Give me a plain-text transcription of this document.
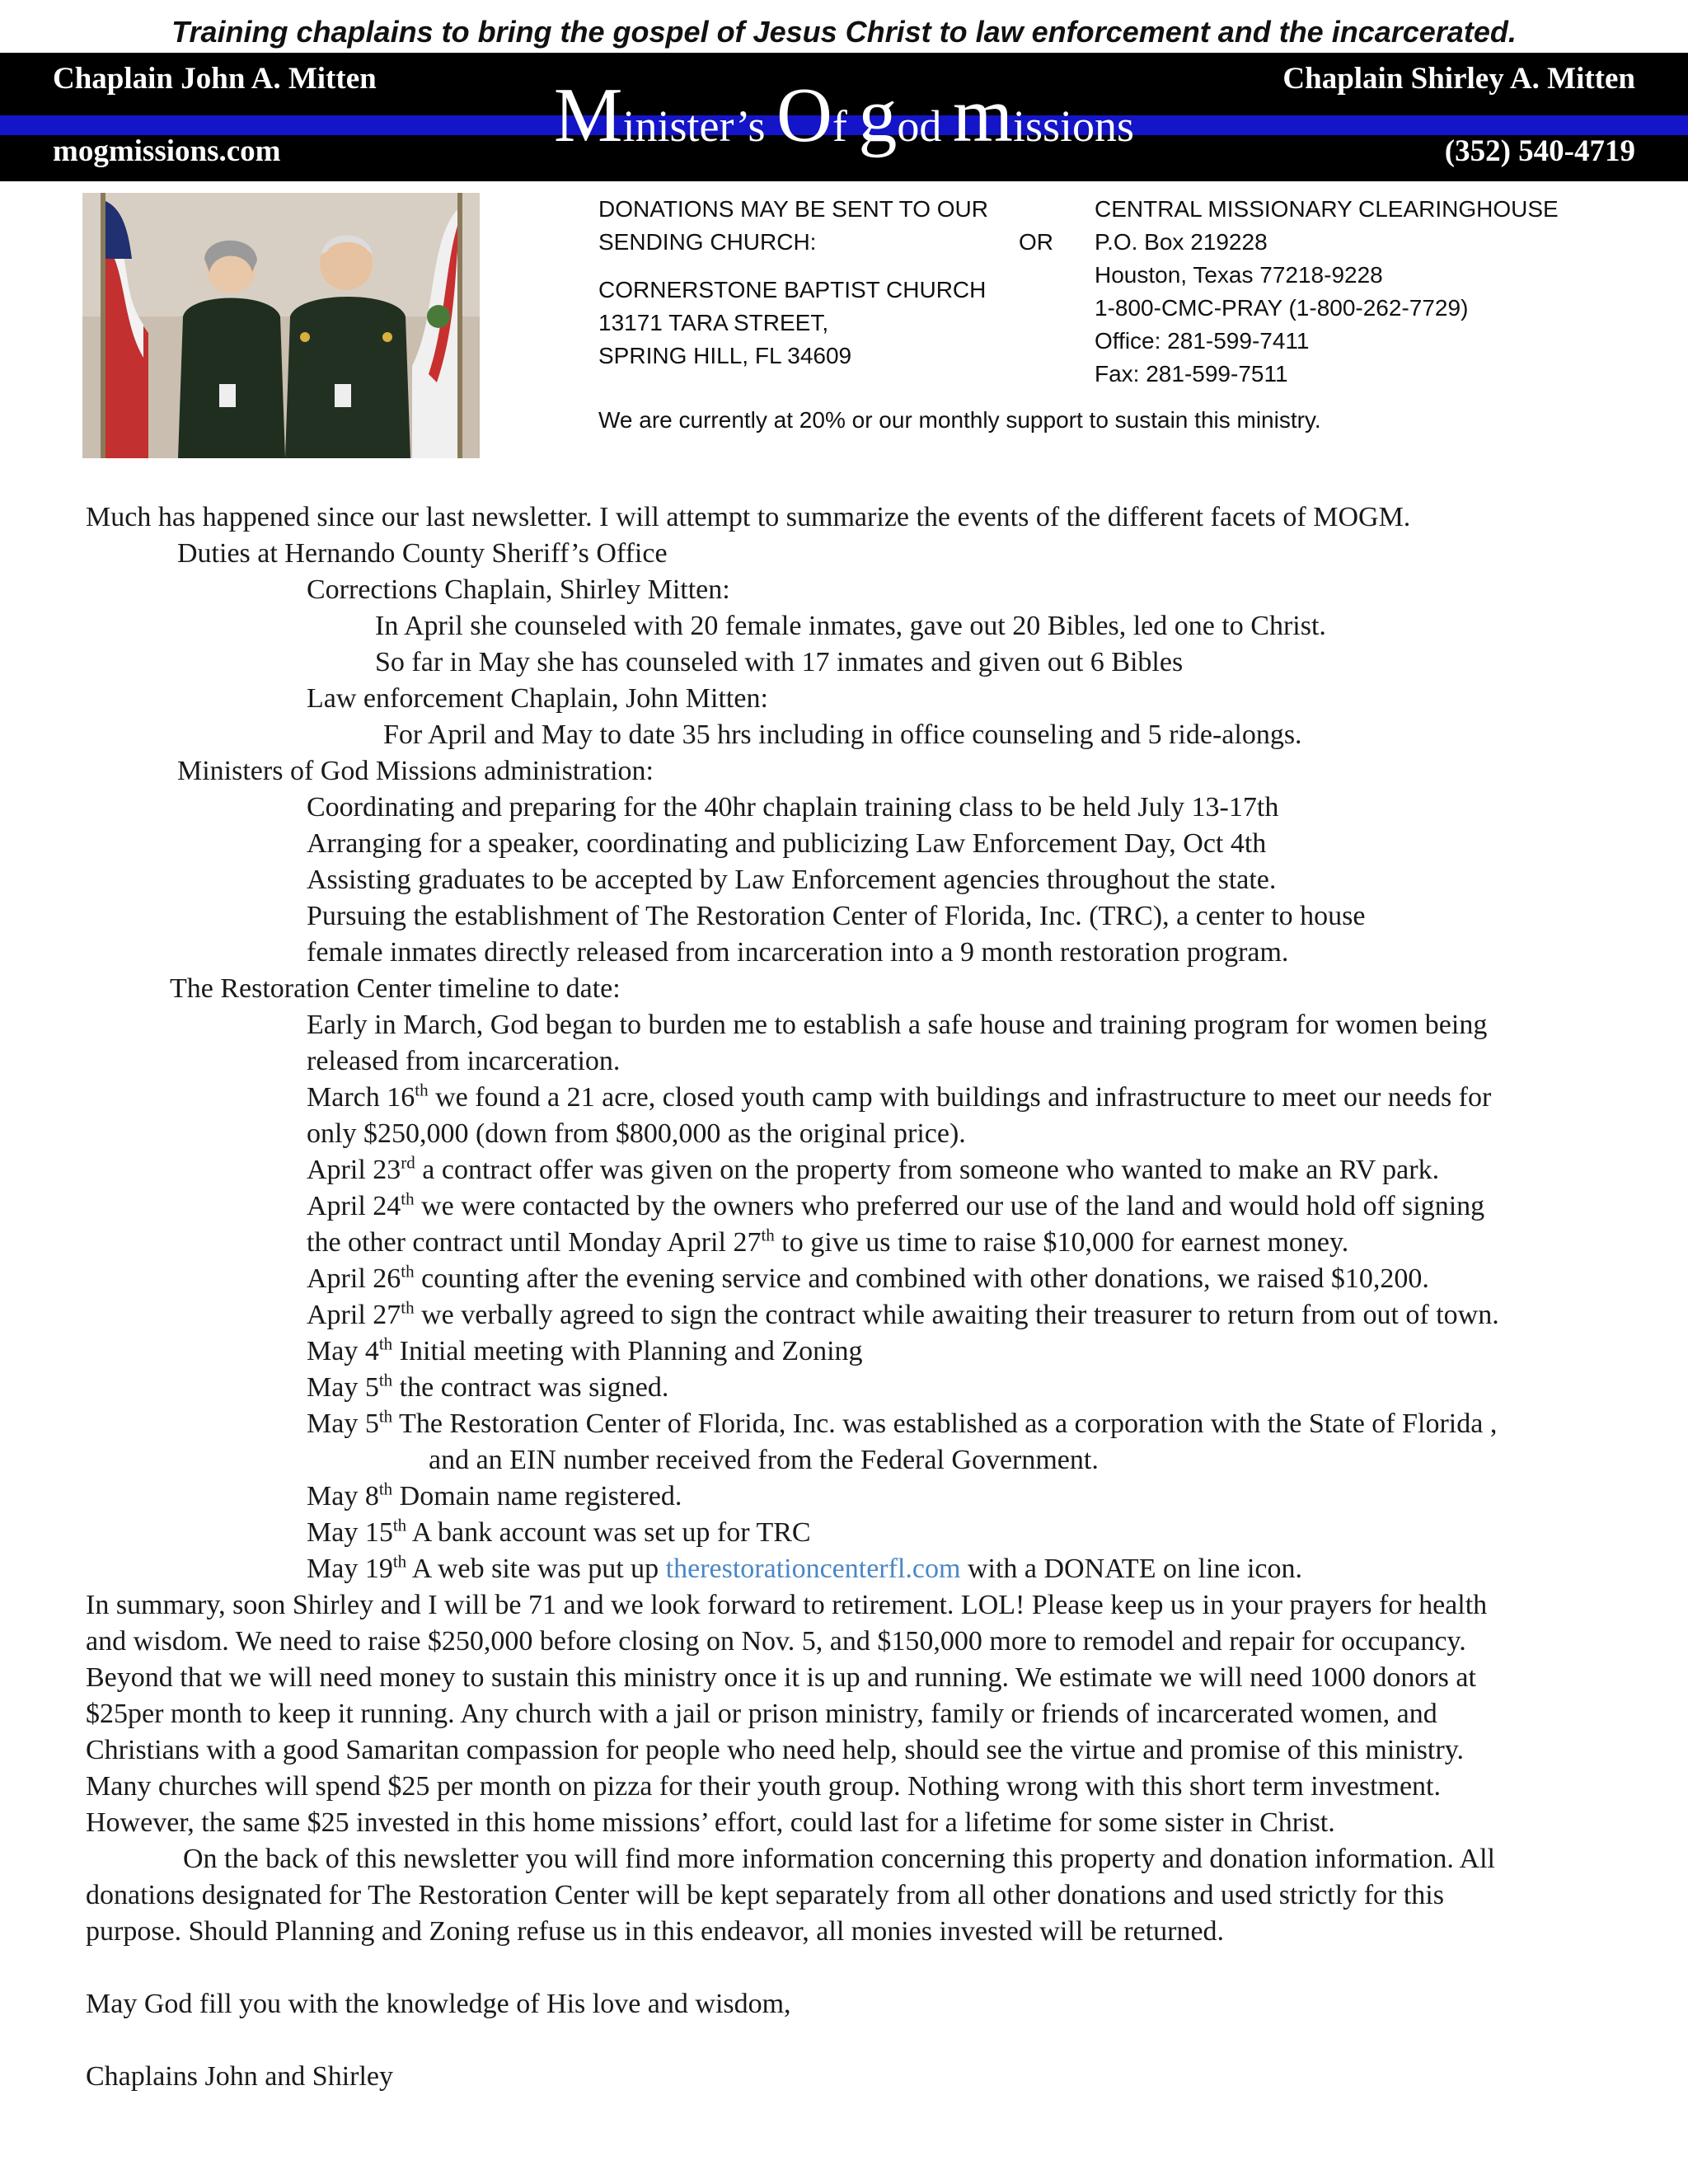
Training chaplains to bring the gospel of Jesus Christ to law enforcement and the incarcerated.
Chaplain John A. Mitten	Chaplain Shirley A. Mitten
mogmissions.com	(352) 540-4719
Minister’s Of god missions
DONATIONS MAY BE SENT TO OUR
SENDING CHURCH:
CORNERSTONE BAPTIST CHURCH
13171 TARA STREET,
SPRING HILL, FL 34609
OR
CENTRAL MISSIONARY CLEARINGHOUSE
P.O. Box 219228
Houston, Texas 77218-9228
1-800-CMC-PRAY (1-800-262-7729)
Office: 281-599-7411
Fax: 281-599-7511
We are currently at 20% or our monthly support to sustain this ministry.
Much has happened since our last newsletter. I will attempt to summarize the events of the different facets of MOGM.
Duties at Hernando County Sheriff’s Office
Corrections Chaplain, Shirley Mitten:
In April she counseled with 20 female inmates, gave out 20 Bibles, led one to Christ.
So far in May she has counseled with 17 inmates and given out 6 Bibles
Law enforcement Chaplain, John Mitten:
For April and May to date 35 hrs including in office counseling and 5 ride-alongs.
Ministers of God Missions administration:
Coordinating and preparing for the 40hr chaplain training class to be held July 13-17th
Arranging for a speaker, coordinating and publicizing Law Enforcement Day, Oct 4th
Assisting graduates to be accepted by Law Enforcement agencies throughout the state.
Pursuing the establishment of The Restoration Center of Florida, Inc. (TRC), a center to house
female inmates directly released from incarceration into a 9 month restoration program.
The Restoration Center timeline to date:
Early in March, God began to burden me to establish a safe house and training program for women being
released from incarceration.
March 16th we found a 21 acre, closed youth camp with buildings and infrastructure to meet our needs for
only $250,000 (down from $800,000 as the original price).
April 23rd a contract offer was given on the property from someone who wanted to make an RV park.
April 24th we were contacted by the owners who preferred our use of the land and would hold off signing
the other contract until Monday April 27th to give us time to raise $10,000 for earnest money.
April 26th counting after the evening service and combined with other donations, we raised $10,200.
April 27th we verbally agreed to sign the contract while awaiting their treasurer to return from out of town.
May 4th Initial meeting with Planning and Zoning
May 5th the contract was signed.
May 5th The Restoration Center of Florida, Inc. was established as a corporation with the State of Florida ,
and an EIN number received from the Federal Government.
May 8th Domain name registered.
May 15th A bank account was set up for TRC
May 19th A web site was put up therestorationcenterfl.com with a DONATE on line icon.
In summary, soon Shirley and I will be 71 and we look forward to retirement. LOL! Please keep us in your prayers for health
and wisdom. We need to raise $250,000 before closing on Nov. 5, and $150,000 more to remodel and repair for occupancy.
Beyond that we will need money to sustain this ministry once it is up and running. We estimate we will need 1000 donors at
$25per month to keep it running. Any church with a jail or prison ministry, family or friends of incarcerated women, and
Christians with a good Samaritan compassion for people who need help, should see the virtue and promise of this ministry.
Many churches will spend $25 per month on pizza for their youth group. Nothing wrong with this short term investment.
However, the same $25 invested in this home missions’ effort, could last for a lifetime for some sister in Christ.
On the back of this newsletter you will find more information concerning this property and donation information. All
donations designated for The Restoration Center will be kept separately from all other donations and used strictly for this
purpose. Should Planning and Zoning refuse us in this endeavor, all monies invested will be returned.
May God fill you with the knowledge of His love and wisdom,
Chaplains John and Shirley
